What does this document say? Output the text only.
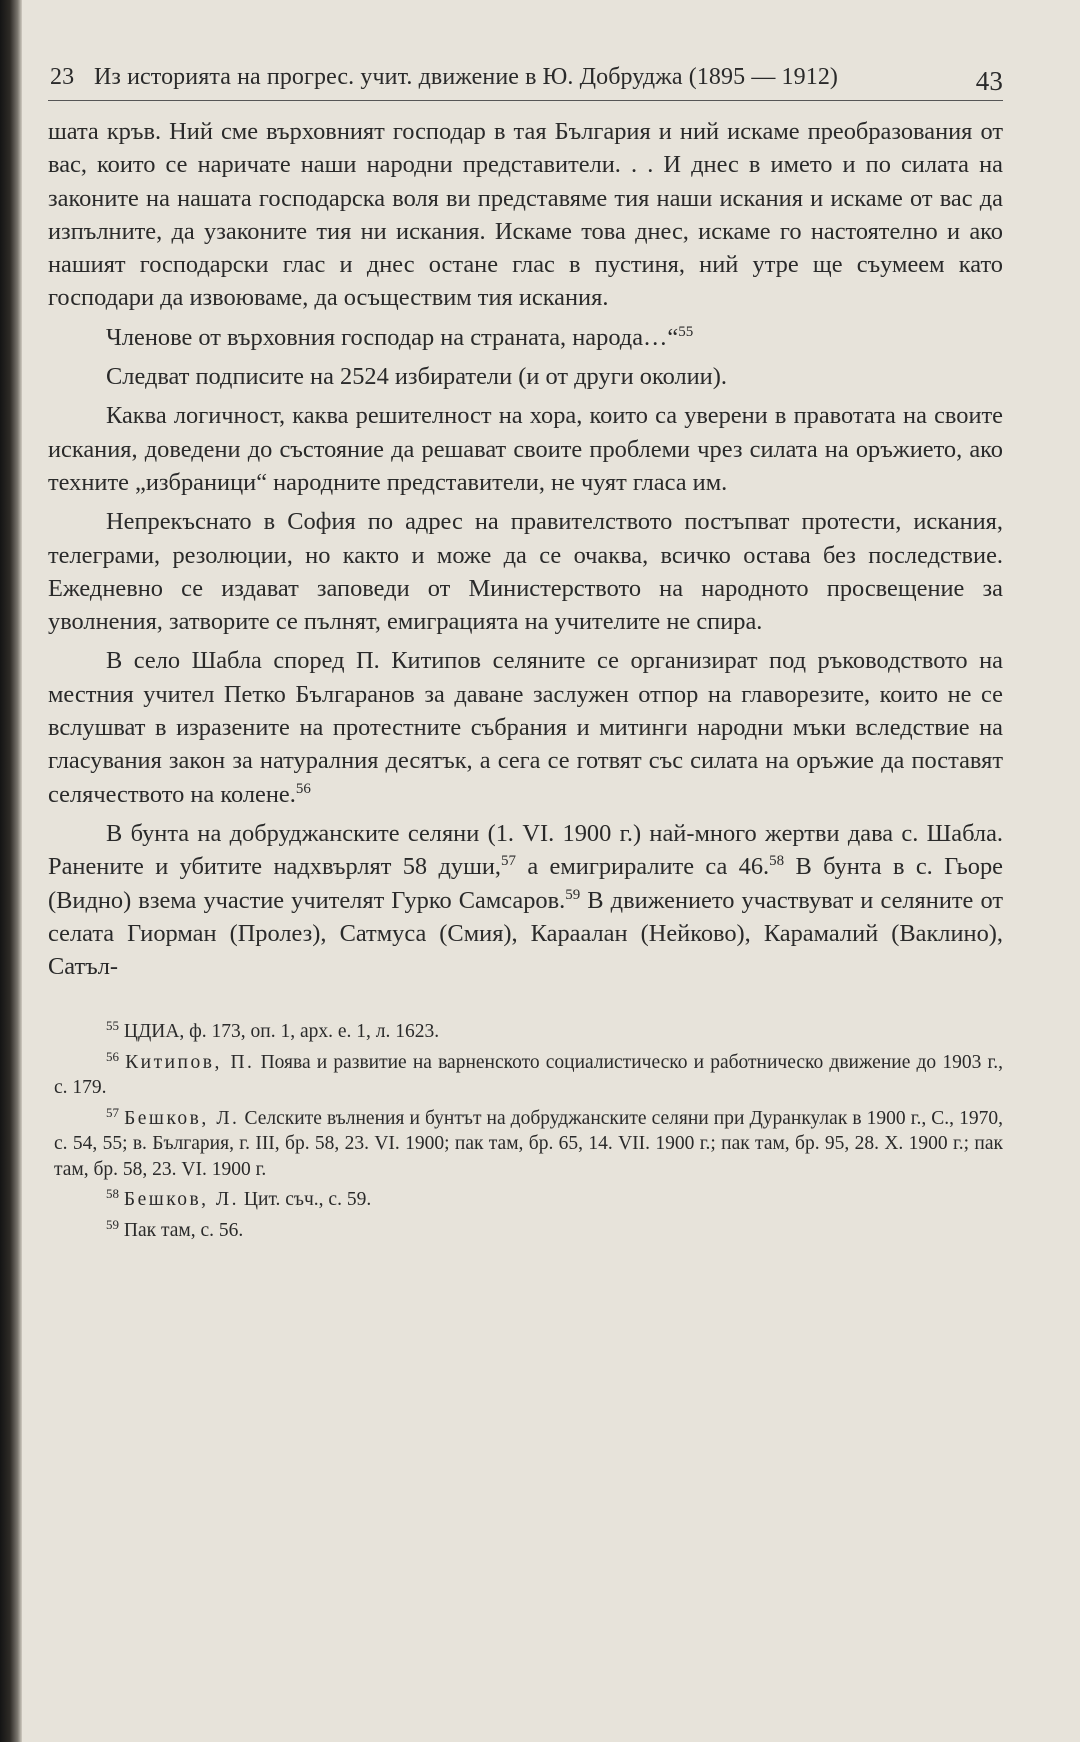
23 Из историята на прогрес. учит. движение в Ю. Добруджа (1895 — 1912)	43

шата кръв. Ний сме върховният господар в тая България и ний искаме преобразования от вас, които се наричате наши народни представители. . . И днес в името и по силата на законите на нашата господарска воля ви представяме тия наши искания и искаме от вас да изпълните, да узаконите тия ни искания. Искаме това днес, искаме го настоятелно и ако нашият господарски глас и днес остане глас в пустиня, ний утре ще съумеем като господари да извоюваме, да осъществим тия искания.

Членове от върховния господар на страната, народа…“$^{55}$

Следват подписите на 2524 избиратели (и от други околии).

Каква логичност, каква решителност на хора, които са уверени в правотата на своите искания, доведени до състояние да решават своите проблеми чрез силата на оръжието, ако техните „избраници“ народните представители, не чуят гласа им.

Непрекъснато в София по адрес на правителството постъпват протести, искания, телеграми, резолюции, но както и може да се очаква, всичко остава без последствие. Ежедневно се издават заповеди от Министерството на народното просвещение за уволнения, затворите се пълнят, емиграцията на учителите не спира.

В село Шабла според П. Китипов селяните се организират под ръководството на местния учител Петко Българанов за даване заслужен отпор на главорезите, които не се вслушват в изразените на протестните събрания и митинги народни мъки вследствие на гласувания закон за натуралния десятък, а сега се готвят със силата на оръжие да поставят селячеството на колене.$^{56}$

В бунта на добруджанските селяни (1. VI. 1900 г.) най-много жертви дава с. Шабла. Ранените и убитите надхвърлят 58 души,$^{57}$ а емигриралите са 46.58 В бунта в с. Гьоре (Видно) взема участие учителят Гурко Самсаров.$^{59}$ В движението участвуват и селяните от селата Гиорман (Пролез), Сатмуса (Смия), Караалан (Нейково), Карамалий (Ваклино), Сатъл-

$^{55}$ ЦДИА, ф. 173, оп. 1, арх. е. 1, л. 1623.

$^{56}$ Китипов, П. Поява и развитие на варненското социалистическо и работническо движение до 1903 г., с. 179.

$^{57}$ Бешков, Л. Селските вълнения и бунтът на добруджанските селяни при Дуранкулак в 1900 г., С., 1970, с. 54, 55; в. България, г. III, бр. 58, 23. VI. 1900; пак там, бр. 65, 14. VII. 1900 г.; пак там, бр. 95, 28. X. 1900 г.; пак там, бр. 58, 23. VI. 1900 г.

$^{58}$ Бешков, Л. Цит. съч., с. 59.

$^{59}$ Пак там, с. 56.
